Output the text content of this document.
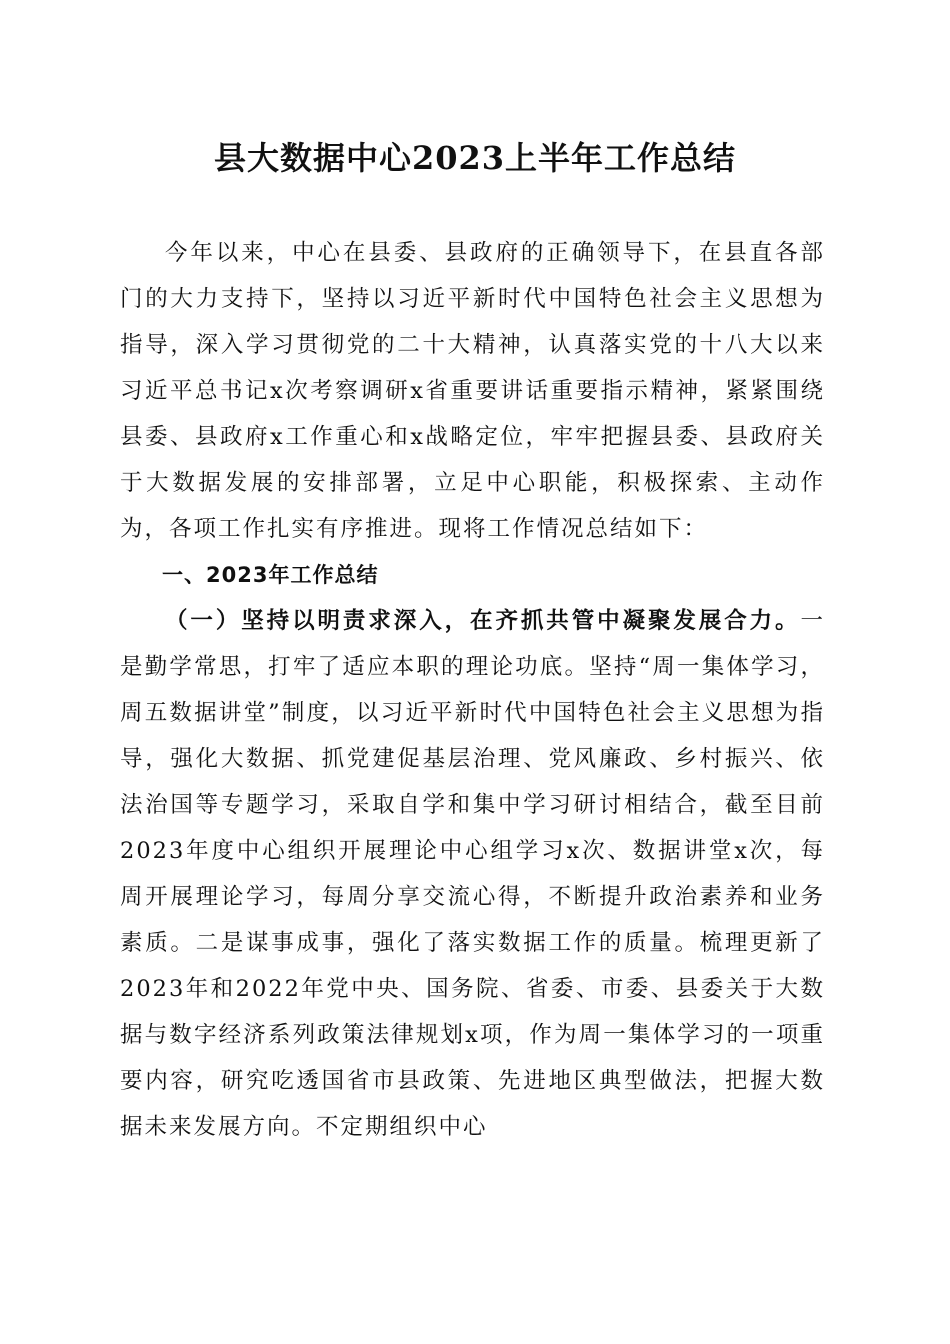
县大数据中心2023上半年工作总结

今年以来，中心在县委、县政府的正确领导下，在县直各部门的大力支持下，坚持以习近平新时代中国特色社会主义思想为指导，深入学习贯彻党的二十大精神，认真落实党的十八大以来习近平总书记x次考察调研x省重要讲话重要指示精神，紧紧围绕县委、县政府x工作重心和x战略定位，牢牢把握县委、县政府关于大数据发展的安排部署，立足中心职能，积极探索、主动作为，各项工作扎实有序推进。现将工作情况总结如下：

一、2023年工作总结

（一）坚持以明责求深入，在齐抓共管中凝聚发展合力。一是勤学常思，打牢了适应本职的理论功底。坚持“周一集体学习，周五数据讲堂”制度，以习近平新时代中国特色社会主义思想为指导，强化大数据、抓党建促基层治理、党风廉政、乡村振兴、依法治国等专题学习，采取自学和集中学习研讨相结合，截至目前2023年度中心组织开展理论中心组学习x次、数据讲堂x次，每周开展理论学习，每周分享交流心得，不断提升政治素养和业务素质。二是谋事成事，强化了落实数据工作的质量。梳理更新了2023年和2022年党中央、国务院、省委、市委、县委关于大数据与数字经济系列政策法律规划x项，作为周一集体学习的一项重要内容，研究吃透国省市县政策、先进地区典型做法，把握大数据未来发展方向。不定期组织中心
